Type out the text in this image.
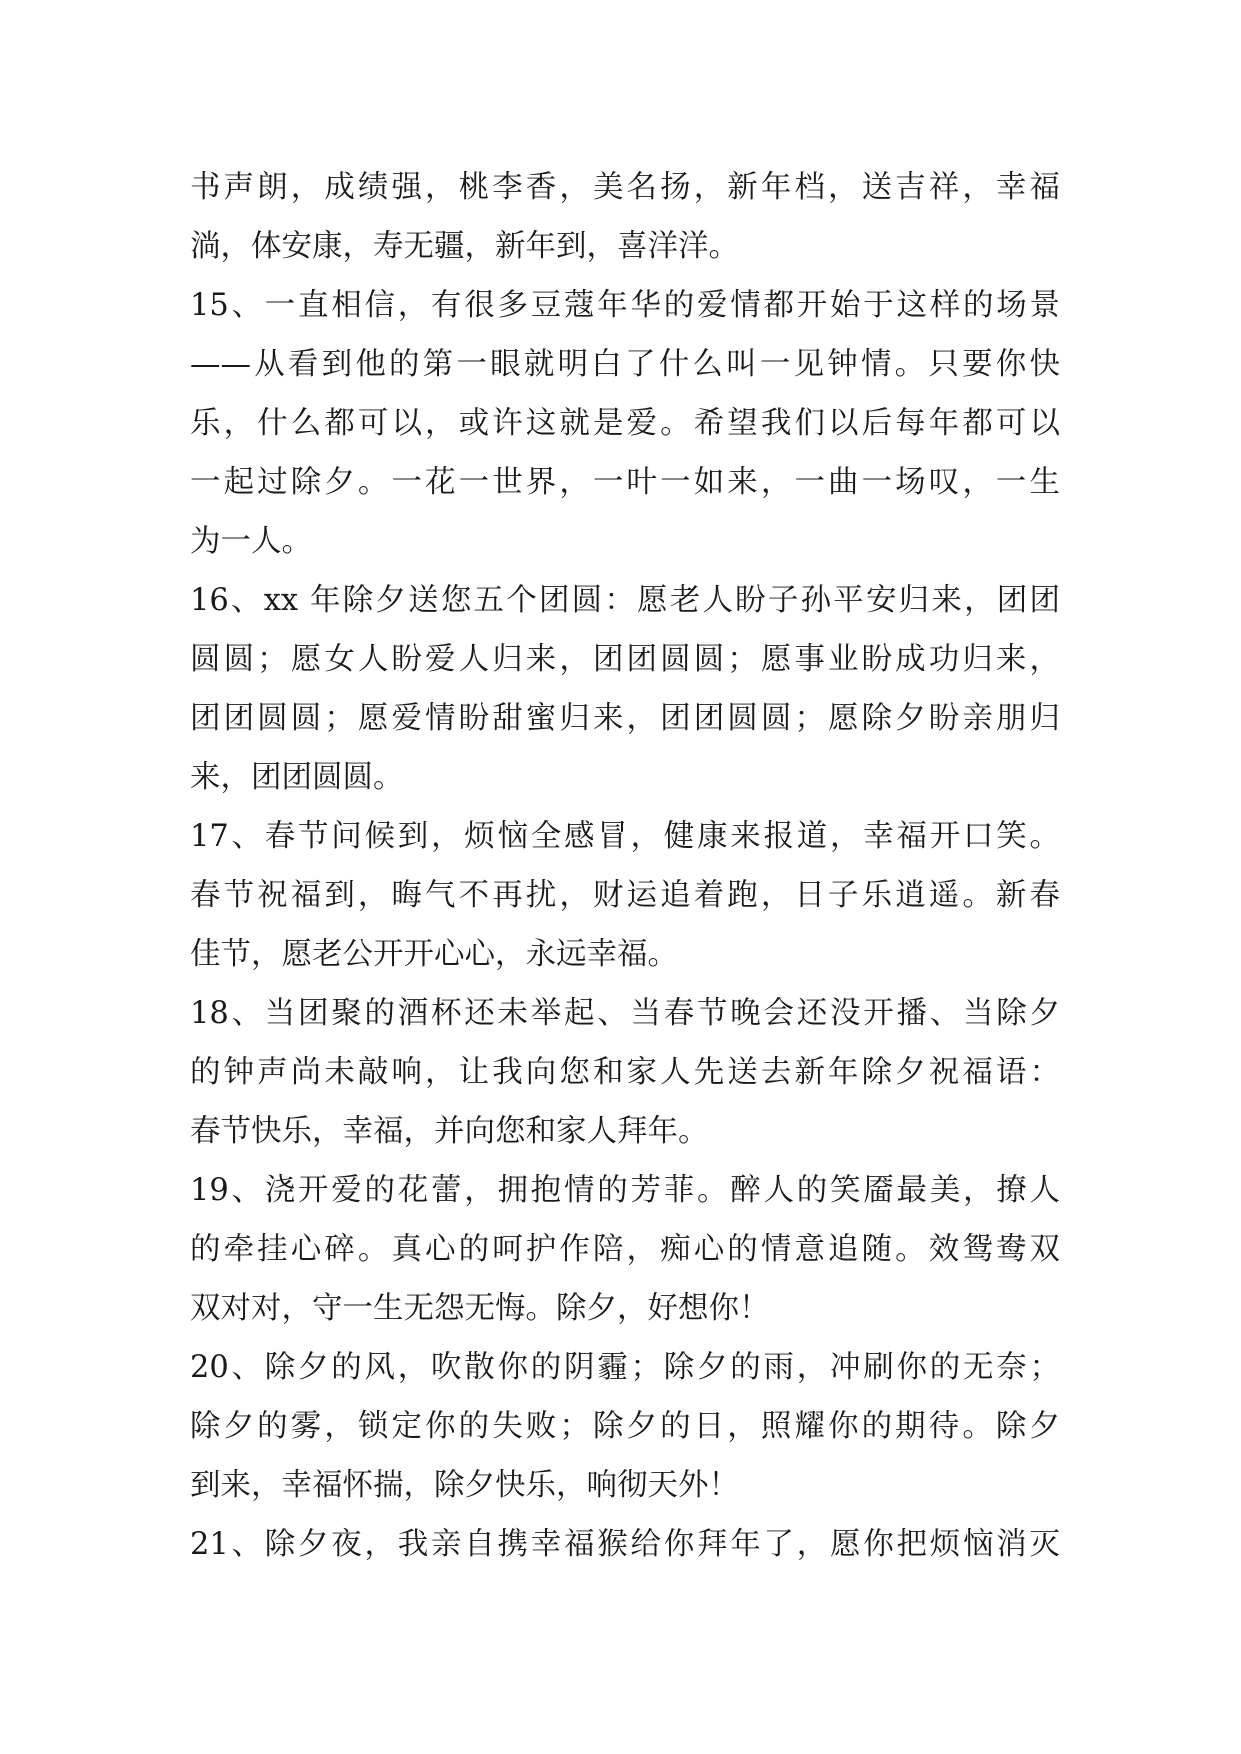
书声朗，成绩强，桃李香，美名扬，新年档，送吉祥，幸福
淌，体安康，寿无疆，新年到，喜洋洋。
15、一直相信，有很多豆蔻年华的爱情都开始于这样的场景
——从看到他的第一眼就明白了什么叫一见钟情。只要你快
乐，什么都可以，或许这就是爱。希望我们以后每年都可以
一起过除夕。一花一世界，一叶一如来，一曲一场叹，一生
为一人。
16、xx 年除夕送您五个团圆：愿老人盼子孙平安归来，团团
圆圆；愿女人盼爱人归来，团团圆圆；愿事业盼成功归来，
团团圆圆；愿爱情盼甜蜜归来，团团圆圆；愿除夕盼亲朋归
来，团团圆圆。
17、春节问候到，烦恼全感冒，健康来报道，幸福开口笑。
春节祝福到，晦气不再扰，财运追着跑，日子乐逍遥。新春
佳节，愿老公开开心心，永远幸福。
18、当团聚的酒杯还未举起、当春节晚会还没开播、当除夕
的钟声尚未敲响，让我向您和家人先送去新年除夕祝福语：
春节快乐，幸福，并向您和家人拜年。
19、浇开爱的花蕾，拥抱情的芳菲。醉人的笑靥最美，撩人
的牵挂心碎。真心的呵护作陪，痴心的情意追随。效鸳鸯双
双对对，守一生无怨无悔。除夕，好想你！
20、除夕的风，吹散你的阴霾；除夕的雨，冲刷你的无奈；
除夕的雾，锁定你的失败；除夕的日，照耀你的期待。除夕
到来，幸福怀揣，除夕快乐，响彻天外！
21、除夕夜，我亲自携幸福猴给你拜年了，愿你把烦恼消灭
